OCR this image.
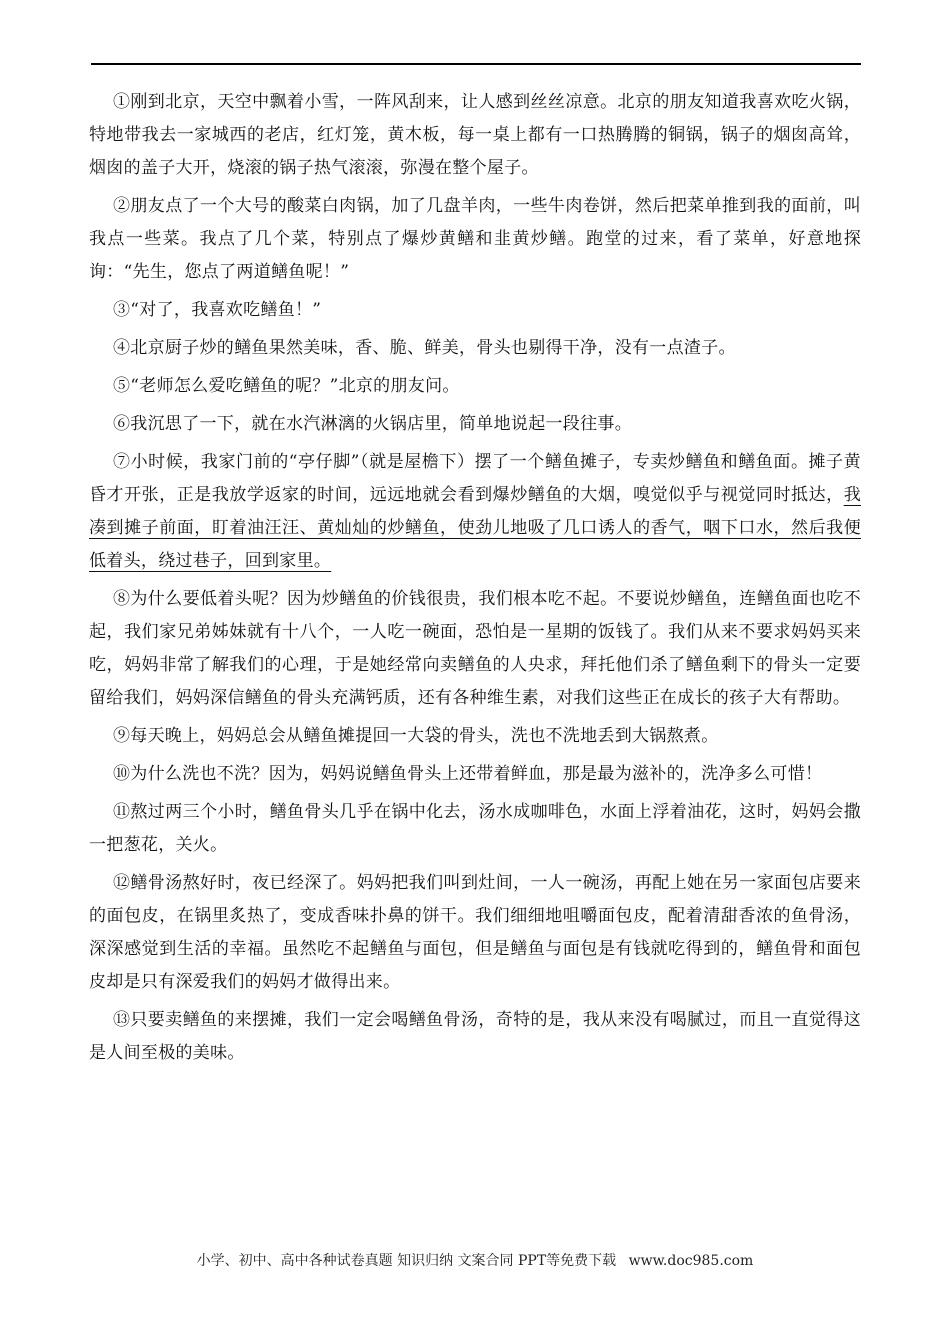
①刚到北京，天空中飘着小雪，一阵风刮来，让人感到丝丝凉意。北京的朋友知道我喜欢吃火锅，特地带我去一家城西的老店，红灯笼，黄木板，每一桌上都有一口热腾腾的铜锅，锅子的烟囱高耸，烟囱的盖子大开，烧滚的锅子热气滚滚，弥漫在整个屋子。

②朋友点了一个大号的酸菜白肉锅，加了几盘羊肉，一些牛肉卷饼，然后把菜单推到我的面前，叫我点一些菜。我点了几个菜，特别点了爆炒黄鳝和韭黄炒鳝。跑堂的过来，看了菜单，好意地探询：“先生，您点了两道鳝鱼呢！”

③“对了，我喜欢吃鳝鱼！”

④北京厨子炒的鳝鱼果然美味，香、脆、鲜美，骨头也剔得干净，没有一点渣子。

⑤“老师怎么爱吃鳝鱼的呢？”北京的朋友问。

⑥我沉思了一下，就在水汽淋漓的火锅店里，简单地说起一段往事。

⑦小时候，我家门前的“亭仔脚”（就是屋檐下）摆了一个鳝鱼摊子，专卖炒鳝鱼和鳝鱼面。摊子黄昏才开张，正是我放学返家的时间，远远地就会看到爆炒鳝鱼的大烟，嗅觉似乎与视觉同时抵达，我凑到摊子前面，盯着油汪汪、黄灿灿的炒鳝鱼，使劲儿地吸了几口诱人的香气，咽下口水，然后我便低着头，绕过巷子，回到家里。

⑧为什么要低着头呢？因为炒鳝鱼的价钱很贵，我们根本吃不起。不要说炒鳝鱼，连鳝鱼面也吃不起，我们家兄弟姊妹就有十八个，一人吃一碗面，恐怕是一星期的饭钱了。我们从来不要求妈妈买来吃，妈妈非常了解我们的心理，于是她经常向卖鳝鱼的人央求，拜托他们杀了鳝鱼剩下的骨头一定要留给我们，妈妈深信鳝鱼的骨头充满钙质，还有各种维生素，对我们这些正在成长的孩子大有帮助。

⑨每天晚上，妈妈总会从鳝鱼摊提回一大袋的骨头，洗也不洗地丢到大锅熬煮。

⑩为什么洗也不洗？因为，妈妈说鳝鱼骨头上还带着鲜血，那是最为滋补的，洗净多么可惜！

⑪熬过两三个小时，鳝鱼骨头几乎在锅中化去，汤水成咖啡色，水面上浮着油花，这时，妈妈会撒一把葱花，关火。

⑫鳝骨汤熬好时，夜已经深了。妈妈把我们叫到灶间，一人一碗汤，再配上她在另一家面包店要来的面包皮，在锅里炙热了，变成香味扑鼻的饼干。我们细细地咀嚼面包皮，配着清甜香浓的鱼骨汤，深深感觉到生活的幸福。虽然吃不起鳝鱼与面包，但是鳝鱼与面包是有钱就吃得到的，鳝鱼骨和面包皮却是只有深爱我们的妈妈才做得出来。

⑬只要卖鳝鱼的来摆摊，我们一定会喝鳝鱼骨汤，奇特的是，我从来没有喝腻过，而且一直觉得这是人间至极的美味。

小学、初中、高中各种试卷真题 知识归纳 文案合同 PPT等免费下载 www.doc985.com
